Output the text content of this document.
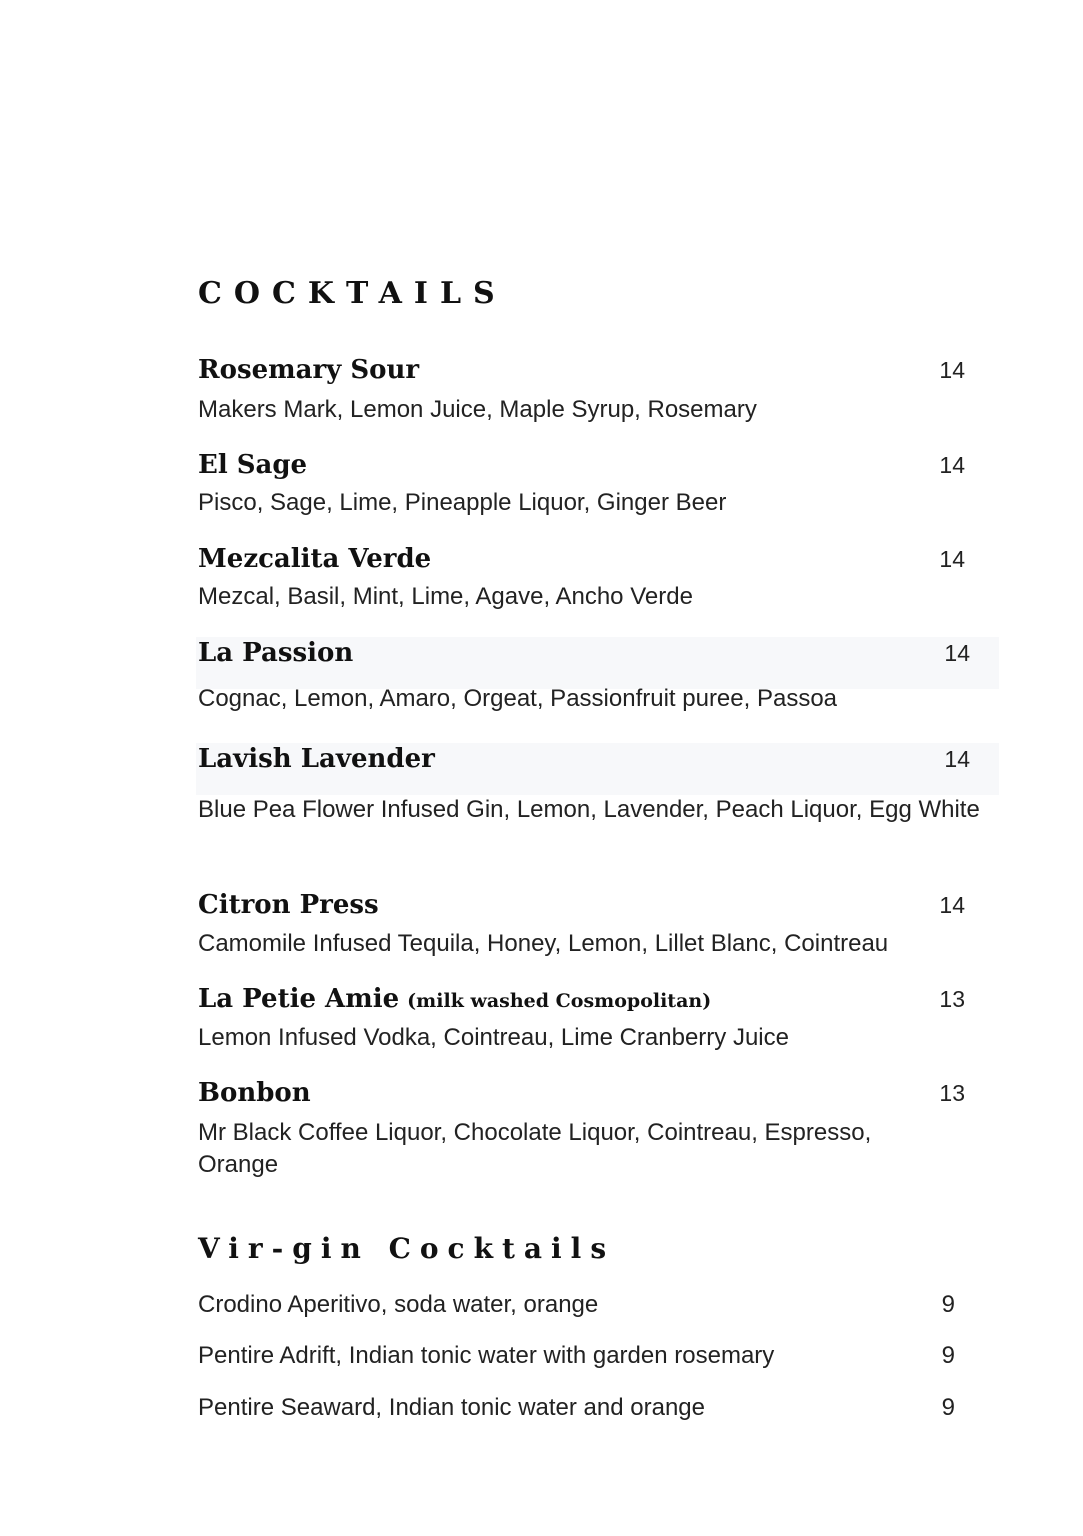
COCKTAILS
Rosemary Sour	14
Makers Mark, Lemon Juice, Maple Syrup, Rosemary
El Sage	14
Pisco, Sage, Lime, Pineapple Liquor, Ginger Beer
Mezcalita Verde	14
Mezcal, Basil, Mint, Lime, Agave, Ancho Verde
La Passion	14
Cognac, Lemon, Amaro, Orgeat, Passionfruit puree, Passoa
Lavish Lavender	14
Blue Pea Flower Infused Gin, Lemon, Lavender, Peach Liquor, Egg White
Citron Press	14
Camomile Infused Tequila, Honey, Lemon, Lillet Blanc, Cointreau
La Petie Amie (milk washed Cosmopolitan)	13
Lemon Infused Vodka, Cointreau, Lime Cranberry Juice
Bonbon	13
Mr Black Coffee Liquor, Chocolate Liquor, Cointreau, Espresso, Orange
Vir-gin Cocktails
Crodino Aperitivo, soda water, orange	9
Pentire Adrift, Indian tonic water with garden rosemary	9
Pentire Seaward, Indian tonic water and orange	9
